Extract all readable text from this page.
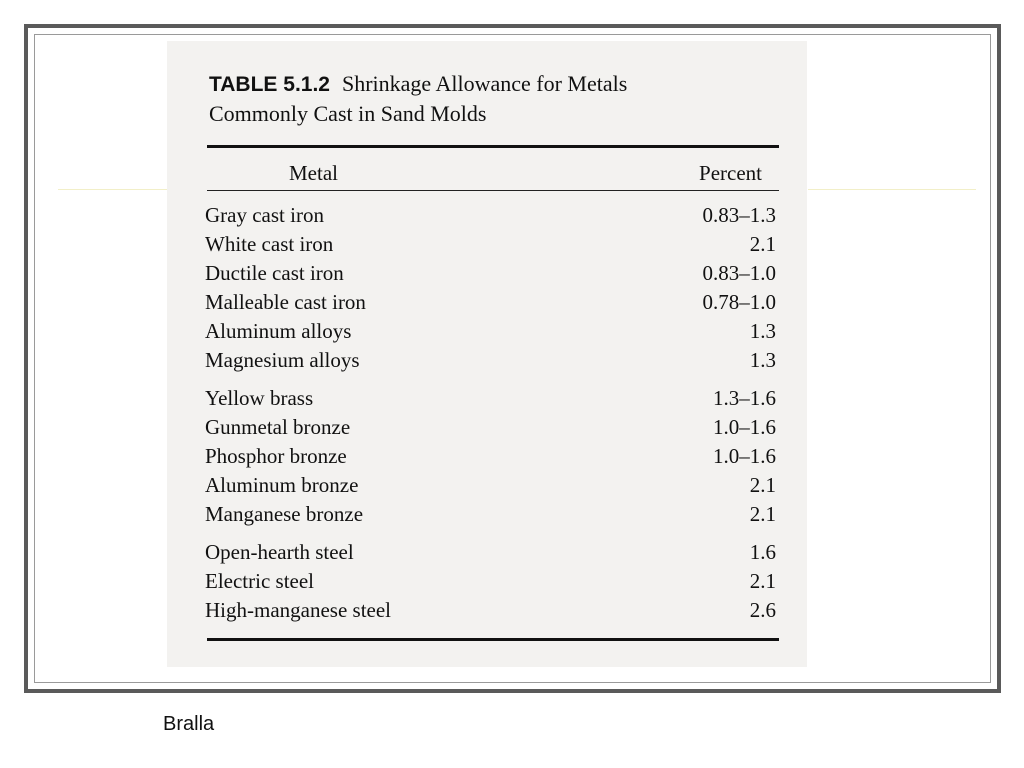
TABLE 5.1.2 Shrinkage Allowance for Metals
Commonly Cast in Sand Molds
Metal	Percent
Gray cast iron	0.83–1.3
White cast iron	2.1
Ductile cast iron	0.83–1.0
Malleable cast iron	0.78–1.0
Aluminum alloys	1.3
Magnesium alloys	1.3
Yellow brass	1.3–1.6
Gunmetal bronze	1.0–1.6
Phosphor bronze	1.0–1.6
Aluminum bronze	2.1
Manganese bronze	2.1
Open-hearth steel	1.6
Electric steel	2.1
High-manganese steel	2.6
Bralla
